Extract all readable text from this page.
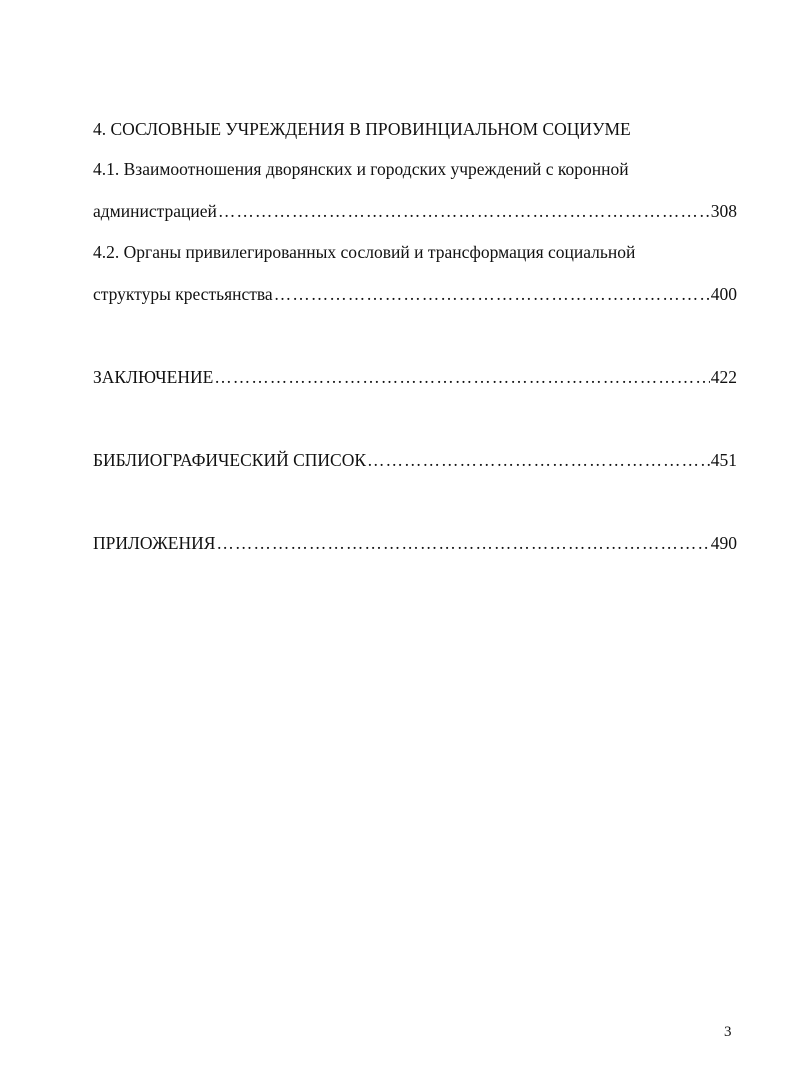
4. СОСЛОВНЫЕ УЧРЕЖДЕНИЯ В ПРОВИНЦИАЛЬНОМ СОЦИУМЕ
4.1. Взаимоотношения дворянских и городских учреждений с коронной
администрацией ……………………………………………………………………………………………………………………………………………………………………………………	308
4.2. Органы привилегированных сословий и трансформация социальной
структуры крестьянства ……………………………………………………………………………………………………………………………………………………………………………………	400
ЗАКЛЮЧЕНИЕ ……………………………………………………………………………………………………………………………………………………………………………………	422
БИБЛИОГРАФИЧЕСКИЙ СПИСОК ……………………………………………………………………………………………………………………………………………………………………………………	451
ПРИЛОЖЕНИЯ ……………………………………………………………………………………………………………………………………………………………………………………	490
3
